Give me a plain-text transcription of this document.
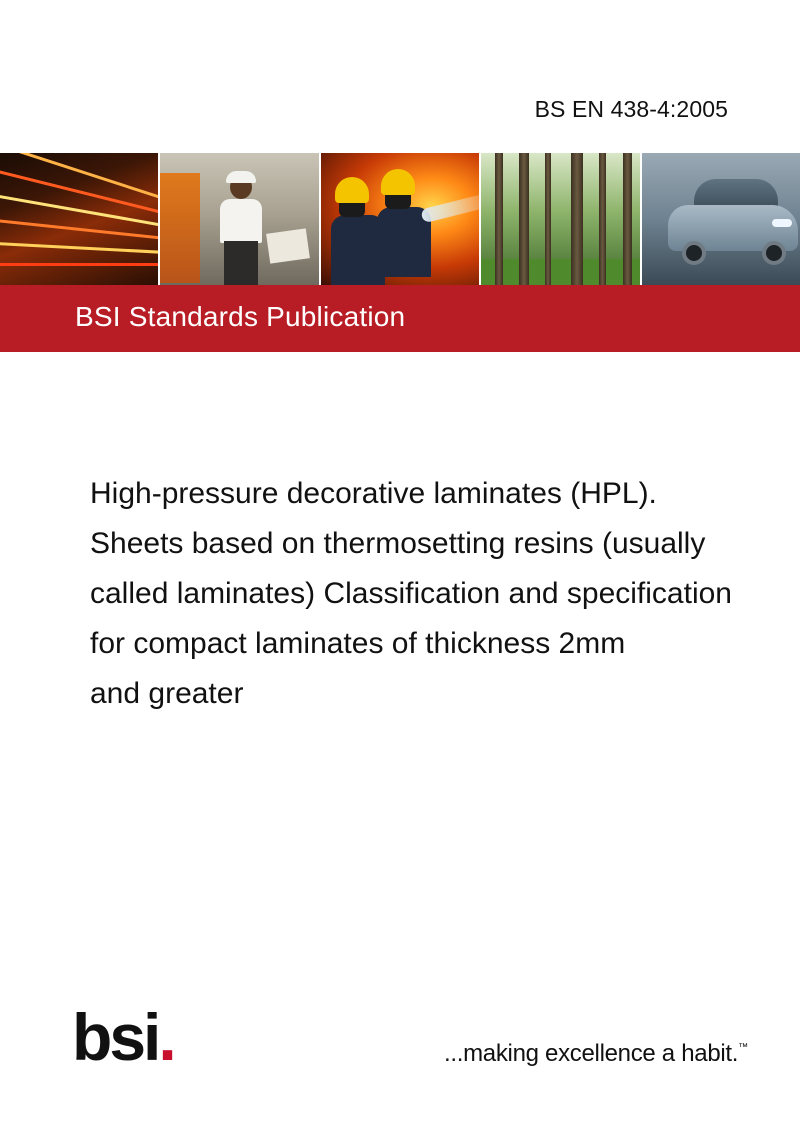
BS EN 438-4:2005
BSI Standards Publication
High-pressure decorative laminates (HPL).
Sheets based on thermosetting resins (usually
called laminates) Classification and specification
for compact laminates of thickness 2mm
and greater
bsi.	...making excellence a habit.™
